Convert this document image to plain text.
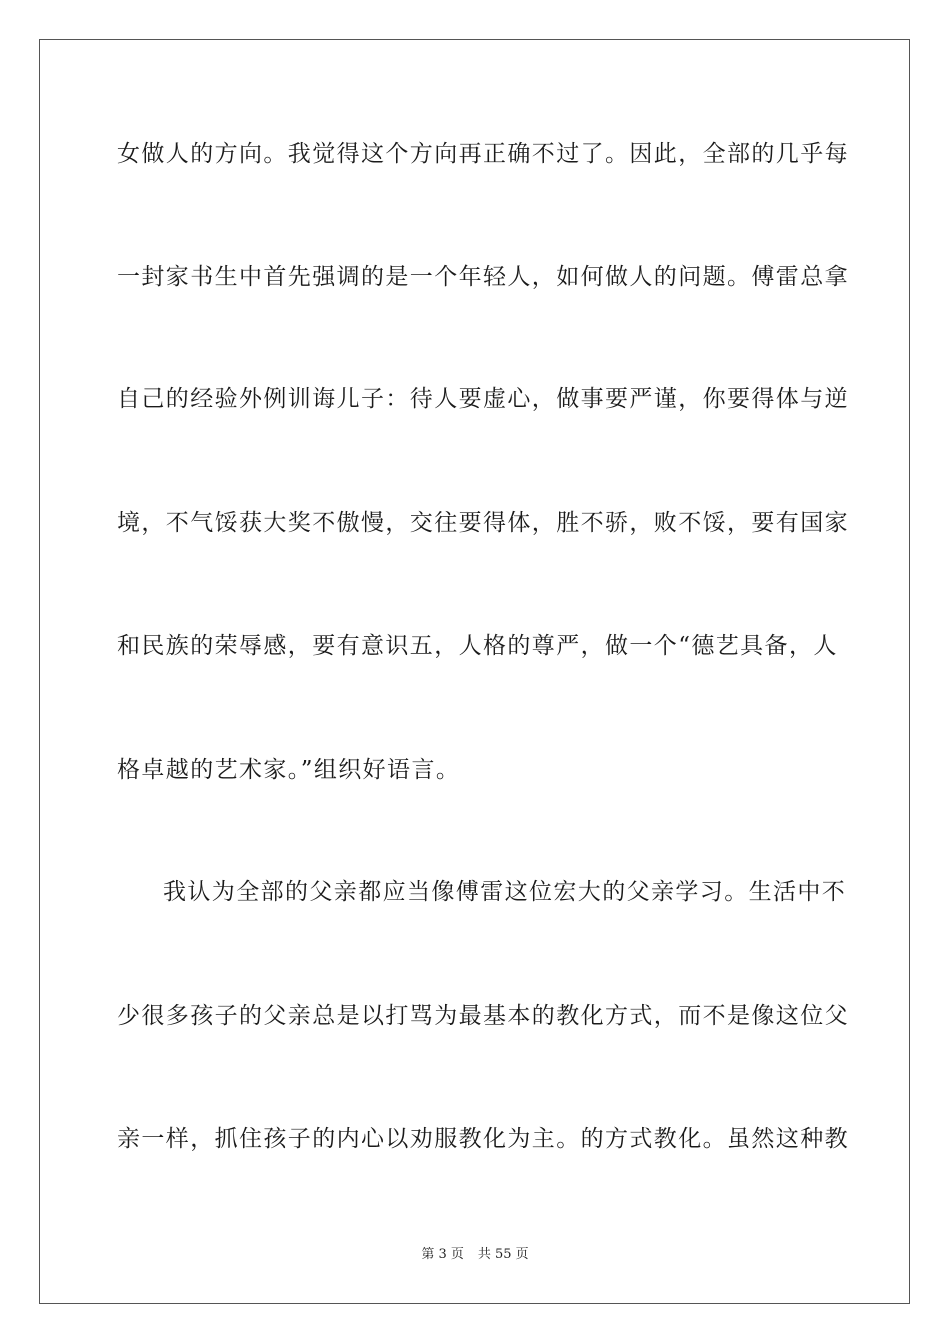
女做人的方向。我觉得这个方向再正确不过了。因此，全部的几乎每
一封家书生中首先强调的是一个年轻人，如何做人的问题。傅雷总拿
自己的经验外例训诲儿子：待人要虚心，做事要严谨，你要得体与逆
境，不气馁获大奖不傲慢，交往要得体，胜不骄，败不馁，要有国家
和民族的荣辱感，要有意识五，人格的尊严，做一个“德艺具备，人
格卓越的艺术家。”组织好语言。
我认为全部的父亲都应当像傅雷这位宏大的父亲学习。生活中不
少很多孩子的父亲总是以打骂为最基本的教化方式，而不是像这位父
亲一样，抓住孩子的内心以劝服教化为主。的方式教化。虽然这种教
第 3 页 共 55 页
